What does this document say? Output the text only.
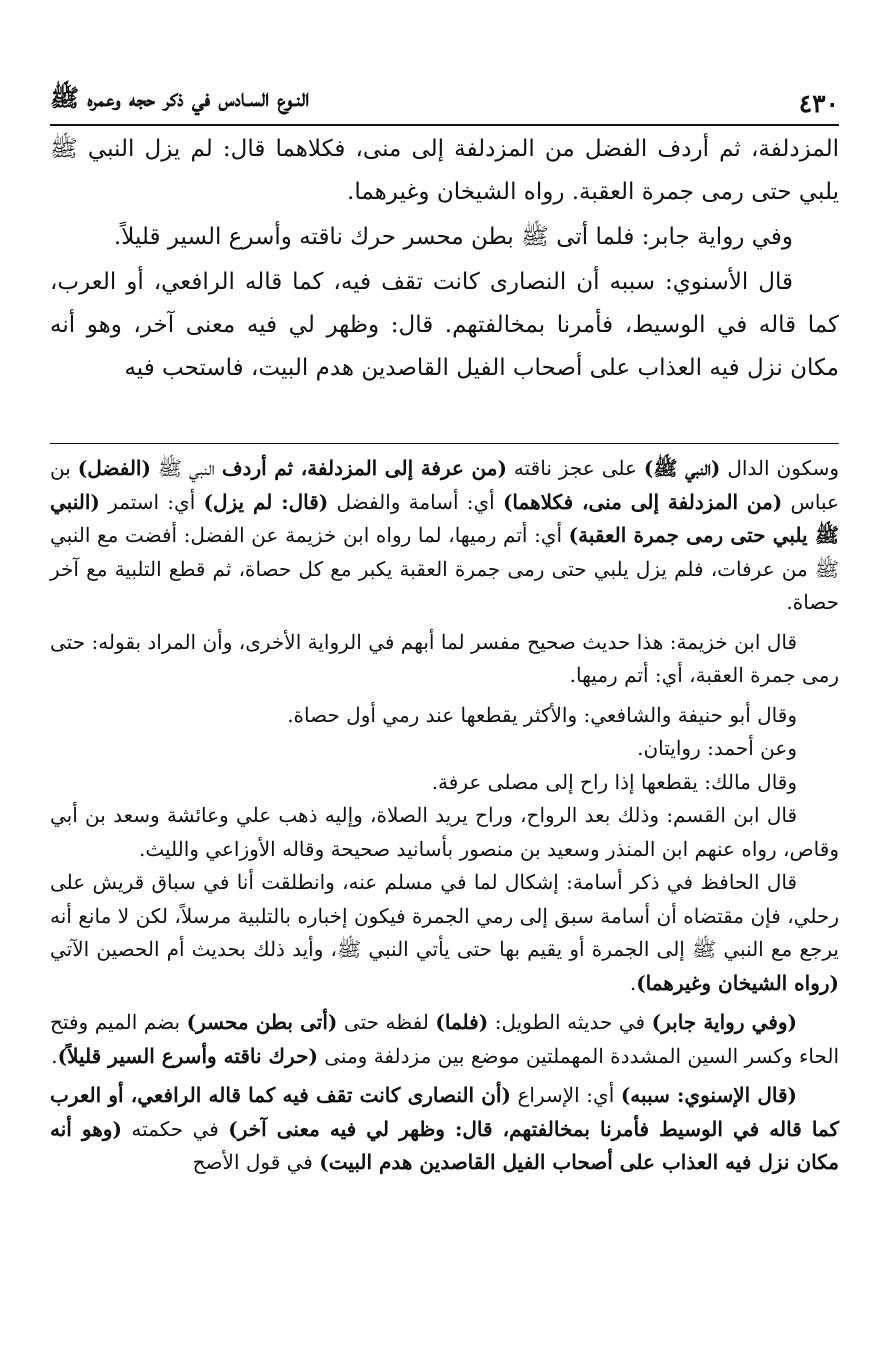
٤٣٠
النـوع السـادس في ذكر حجه وعمره ﷺ

المزدلفة، ثم أردف الفضل من المزدلفة إلى منى، فكلاهما قال: لم يزل النبي ﷺ يلبي حتى رمى جمرة العقبة. رواه الشيخان وغيرهما.

وفي رواية جابر: فلما أتى ﷺ بطن محسر حرك ناقته وأسرع السير قليلاً.

قال الأسنوي: سببه أن النصارى كانت تقف فيه، كما قاله الرافعي، أو العرب، كما قاله في الوسيط، فأمرنا بمخالفتهم. قال: وظهر لي فيه معنى آخر، وهو أنه مكان نزل فيه العذاب على أصحاب الفيل القاصدين هدم البيت، فاستحب فيه

وسكون الدال (النبي ﷺ) على عجز ناقته (من عرفة إلى المزدلفة، ثم أردف النبي ﷺ (الفضل) بن عباس (من المزدلفة إلى منى، فكلاهما) أي: أسامة والفضل (قال: لم يزل) أي: استمر (النبي ﷺ يلبي حتى رمى جمرة العقبة) أي: أتم رميها، لما رواه ابن خزيمة عن الفضل: أفضت مع النبي ﷺ من عرفات، فلم يزل يلبي حتى رمى جمرة العقبة يكبر مع كل حصاة، ثم قطع التلبية مع آخر حصاة.

قال ابن خزيمة: هذا حديث صحيح مفسر لما أبهم في الرواية الأخرى، وأن المراد بقوله: حتى رمى جمرة العقبة، أي: أتم رميها.

وقال أبو حنيفة والشافعي: والأكثر يقطعها عند رمي أول حصاة.

وعن أحمد: روايتان.

وقال مالك: يقطعها إذا راح إلى مصلى عرفة.

قال ابن القسم: وذلك بعد الرواح، وراح يريد الصلاة، وإليه ذهب علي وعائشة وسعد بن أبي وقاص، رواه عنهم ابن المنذر وسعيد بن منصور بأسانيد صحيحة وقاله الأوزاعي والليث.

قال الحافظ في ذكر أسامة: إشكال لما في مسلم عنه، وانطلقت أنا في سباق قريش على رحلي، فإن مقتضاه أن أسامة سبق إلى رمي الجمرة فيكون إخباره بالتلبية مرسلاً، لكن لا مانع أنه يرجع مع النبي ﷺ إلى الجمرة أو يقيم بها حتى يأتي النبي ﷺ، وأيد ذلك بحديث أم الحصين الآتي (رواه الشيخان وغيرهما).

(وفي رواية جابر) في حديثه الطويل: (فلما) لفظه حتى (أتى بطن محسر) بضم الميم وفتح الحاء وكسر السين المشددة المهملتين موضع بين مزدلفة ومنى (حرك ناقته وأسرع السير قليلاً).

(قال الإسنوي: سببه) أي: الإسراع (أن النصارى كانت تقف فيه كما قاله الرافعي، أو العرب كما قاله في الوسيط فأمرنا بمخالفتهم، قال: وظهر لي فيه معنى آخر) في حكمته (وهو أنه مكان نزل فيه العذاب على أصحاب الفيل القاصدين هدم البيت) في قول الأصح
